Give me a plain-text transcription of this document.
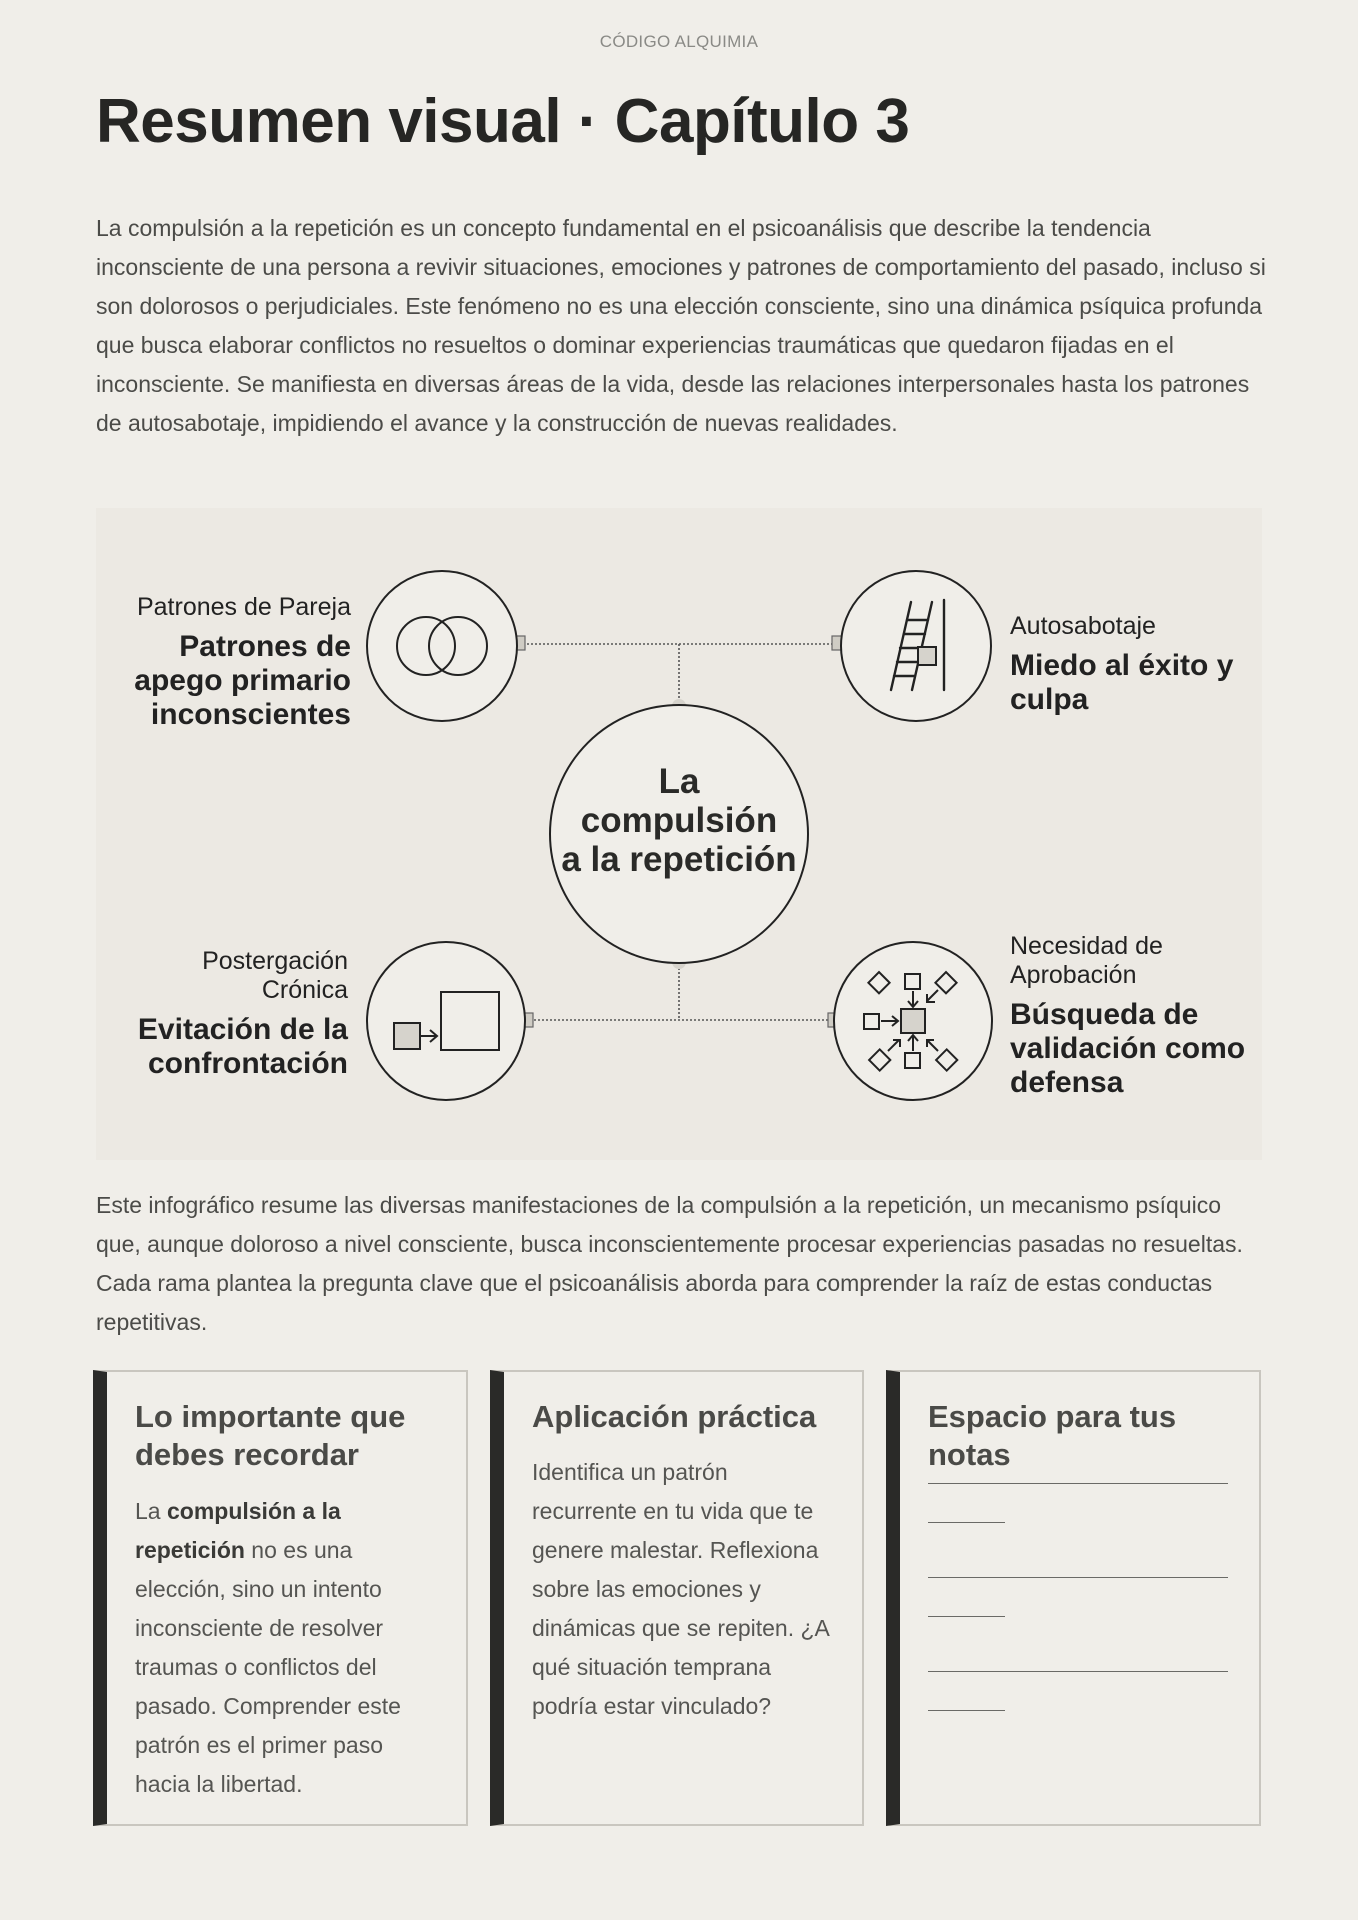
CÓDIGO ALQUIMIA
Resumen visual · Capítulo 3

La compulsión a la repetición es un concepto fundamental en el psicoanálisis que describe la tendencia inconsciente de una persona a revivir situaciones, emociones y patrones de comportamiento del pasado, incluso si son dolorosos o perjudiciales. Este fenómeno no es una elección consciente, sino una dinámica psíquica profunda que busca elaborar conflictos no resueltos o dominar experiencias traumáticas que quedaron fijadas en el inconsciente. Se manifiesta en diversas áreas de la vida, desde las relaciones interpersonales hasta los patrones de autosabotaje, impidiendo el avance y la construcción de nuevas realidades.

Patrones de Pareja
Patrones de apego primario inconscientes
Autosabotaje
Miedo al éxito y culpa
Postergación Crónica
Evitación de la confrontación
Necesidad de Aprobación
Búsqueda de validación como defensa
La
compulsión
a la repetición

Este infográfico resume las diversas manifestaciones de la compulsión a la repetición, un mecanismo psíquico que, aunque doloroso a nivel consciente, busca inconscientemente procesar experiencias pasadas no resueltas. Cada rama plantea la pregunta clave que el psicoanálisis aborda para comprender la raíz de estas conductas repetitivas.

Lo importante que debes recordar
La compulsión a la repetición no es una elección, sino un intento inconsciente de resolver traumas o conflictos del pasado. Comprender este patrón es el primer paso hacia la libertad.
Aplicación práctica
Identifica un patrón recurrente en tu vida que te genere malestar. Reflexiona sobre las emociones y dinámicas que se repiten. ¿A qué situación temprana podría estar vinculado?
Espacio para tus notas
